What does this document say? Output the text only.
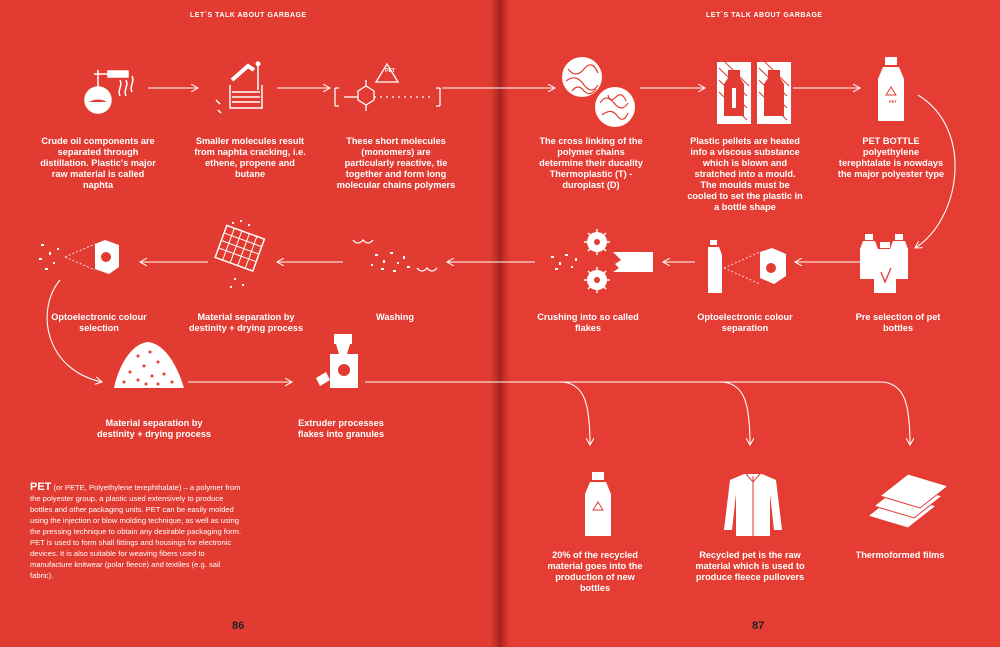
LET`S TALK ABOUT GARBAGE	LET`S TALK ABOUT GARBAGE
PET
PET
Crude oil components are separated through distillation. Plastic's major raw material is called naphta
Smaller molecules result from naphta cracking, i.e. ethene, propene and butane
These short molecules (monomers) are particularly reactive, tie together and form long molecular chains polymers
The cross linking of the polymer chains determine their ducality Thermoplastic (T) - duroplast (D)
Plastic pellets are heated info a viscous substance which is blown and stratched into a mould. The moulds must be cooled to set the plastic in a bottle shape
PET BOTTLE polyethylene terephtalate is nowdays the major polyester type
Pre selection of pet bottles
Optoelectronic colour separation
Crushing into so called flakes
Washing
Material separation by destinity + drying process
Optoelectronic colour selection
Material separation by destinity + drying process
Extruder processes flakes into granules
20% of the recycled material goes into the production of new bottles
Recycled pet is the raw material which is used to produce fleece pullovers
Thermoformed films
PET (or PETE, Polyethylene terephthalate) – a polymer from the polyester group, a plastic used extensively to produce bottles and other packaging units. PET can be easily molded using the injection or blow molding technique, as well as using the pressing technique to obtain any desirable packaging form. PET is used to form shall fittings and housings for electronic devices. It is also suitable for weaving fibers used to manufacture knitwear (polar fleece) and textiles (e.g. sail fabric).
86	87
